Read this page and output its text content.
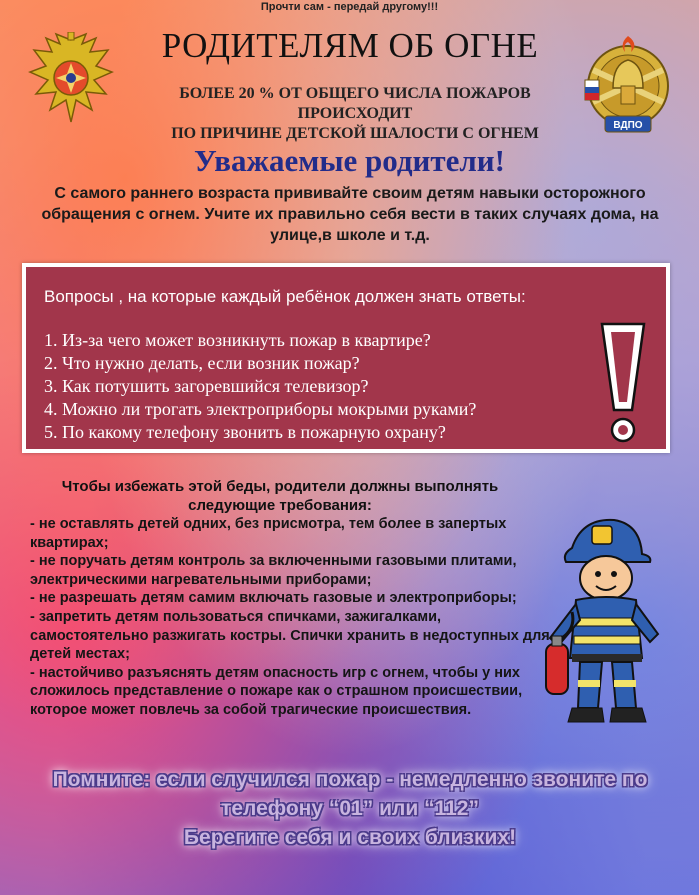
Прочти сам - передай другому!!!
РОДИТЕЛЯМ ОБ ОГНЕ
БОЛЕЕ 20 % ОТ ОБЩЕГО ЧИСЛА ПОЖАРОВ ПРОИСХОДИТ
ПО ПРИЧИНЕ ДЕТСКОЙ ШАЛОСТИ С ОГНЕМ	ВДПО
Уважаемые родители!
С самого раннего возраста прививайте своим детям навыки осторожного
обращения с огнем. Учите их правильно себя вести в таких случаях дома, на
улице,в школе и т.д.
Вопросы , на которые каждый ребёнок должен знать ответы:
1. Из-за чего может возникнуть пожар в квартире?
2. Что нужно делать, если возник пожар?
3. Как потушить загоревшийся телевизор?
4. Можно ли трогать электроприборы мокрыми руками?
5. По какому телефону звонить в пожарную охрану?
Чтобы избежать этой беды, родители должны выполнять
следующие требования:
- не оставлять детей одних, без присмотра, тем более в запертых
квартирах;
- не поручать детям контроль за включенными газовыми плитами,
электрическими нагревательными приборами;
- не разрешать детям самим включать газовые и электроприборы;
- запретить детям пользоваться спичками, зажигалками,
самостоятельно разжигать костры. Спички хранить в недоступных для
детей местах;
- настойчиво разъяснять детям опасность игр с огнем, чтобы у них
сложилось представление о пожаре как о страшном происшествии,
которое может повлечь за собой трагические происшествия.
Помните: если случился пожар - немедленно звоните по
телефону “01” или “112”
Берегите себя и своих близких!
